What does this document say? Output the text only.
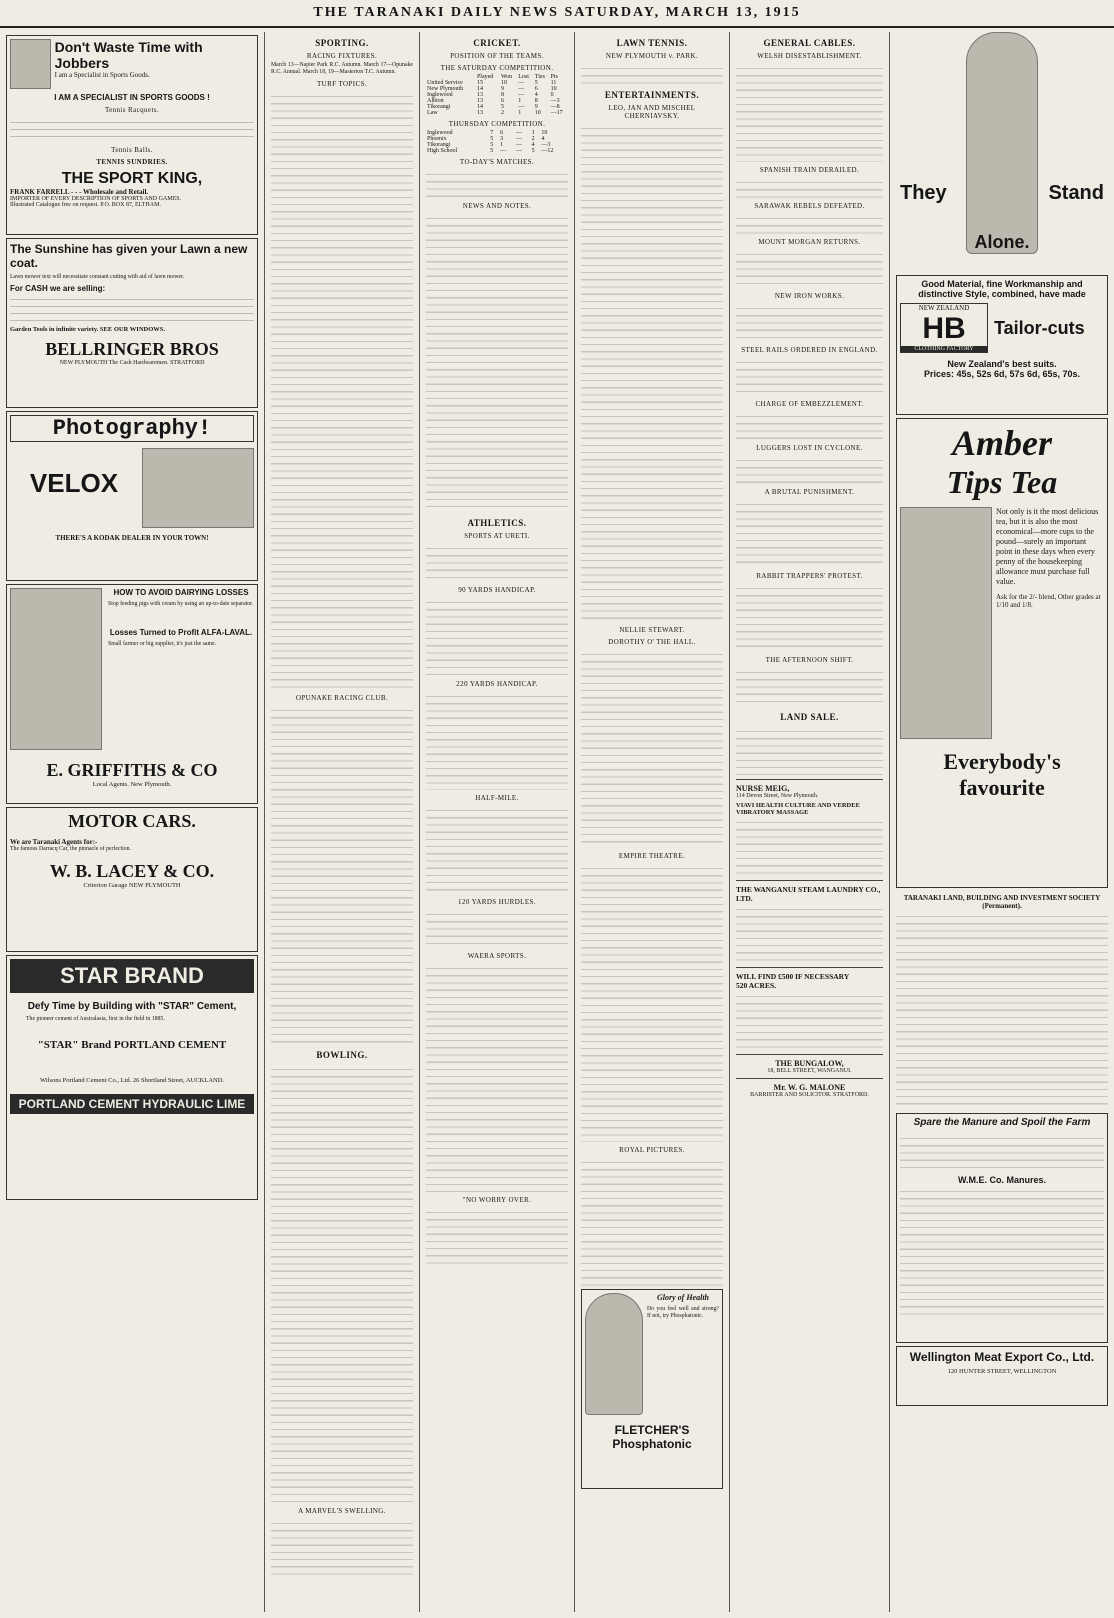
THE TARANAKI DAILY NEWS SATURDAY, MARCH 13, 1915
Don't Waste Time with Jobbers
I am a Specialist in Sports Goods.
I AM A SPECIALIST IN SPORTS GOODS !
Tennis Racquets.
Tennis Balls.
TENNIS SUNDRIES.
THE SPORT KING,
FRANK FARRELL - - - Wholesale and Retail.
IMPORTER OF EVERY DESCRIPTION OF SPORTS AND GAMES.
Illustrated Catalogue free on request. P.O. BOX 87, ELTHAM.
The Sunshine has given your Lawn a new coat.

Lawn mower text will necessitate constant cutting with aid of lawn mower.

For CASH we are selling:
Garden Tools in infinite variety. SEE OUR WINDOWS.
BELLRINGER BROS
NEW PLYMOUTH The Cash Hardwaremen. STRATFORD
Photography!
VELOX
THERE'S A KODAK DEALER IN YOUR TOWN!
HOW TO AVOID DAIRYING LOSSES

Stop feeding pigs with cream by using an up-to-date separator.

Losses Turned to Profit ALFA-LAVAL.

Small farmer or big supplier, it's just the same.

E. GRIFFITHS & CO
Local Agents. New Plymouth.
MOTOR CARS.
We are Taranaki Agents for:-

The famous Darracq Car, the pinnacle of perfection.

W. B. LACEY & CO.
Criterion Garage NEW PLYMOUTH
STAR BRAND
Defy Time by Building with "STAR" Cement,

The pioneer cement of Australasia, first in the field in 1885.

"STAR" Brand PORTLAND CEMENT
Wilsons Portland Cement Co., Ltd. 26 Shortland Street, AUCKLAND.
PORTLAND CEMENT HYDRAULIC LIME
SPORTING.
RACING FIXTURES.

March 13—Napier Park R.C. Autumn. March 17—Opunake R.C. Annual. March 18, 19—Masterton T.C. Autumn.

TURF TOPICS.

OPUNAKE RACING CLUB.

BOWLING.

A MARVEL'S SWELLING.

CRICKET.
POSITION OF THE TEAMS.
THE SATURDAY COMPETITION.
	Played	Won	Lost	Ties	Pts
United Service	15	10	—	5	11
New Plymouth	14	9	—	6	10
Inglewood	13	8	—	4	0
Albion	13	6	1	8	—3
Tikorangi	14	5	—	9	—8
Law	13	2	1	10	—17
THURSDAY COMPETITION.
Inglewood	7	6	—	1	10
Phoenix	5	3	—	2	4
Tikorangi	5	1	—	4	—3
High School	5	—	—	5	—12
TO-DAY'S MATCHES.

NEWS AND NOTES.

ATHLETICS.
SPORTS AT URETI.

90 YARDS HANDICAP.

220 YARDS HANDICAP.

HALF-MILE.

120 YARDS HURDLES.

WAERA SPORTS.

"NO WORRY OVER.

LAWN TENNIS.
NEW PLYMOUTH v. PARK.

ENTERTAINMENTS.
LEO, JAN AND MISCHEL CHERNIAVSKY.

NELLIE STEWART.
DOROTHY O' THE HALL.

EMPIRE THEATRE.

ROYAL PICTURES.

Glory of Health

Do you feel well and strong? If not, try Phosphatonic.

FLETCHER'S Phosphatonic
GENERAL CABLES.
WELSH DISESTABLISHMENT.

SPANISH TRAIN DERAILED.

SARAWAK REBELS DEFEATED.

MOUNT MORGAN RETURNS.

NEW IRON WORKS.

STEEL RAILS ORDERED IN ENGLAND.

CHARGE OF EMBEZZLEMENT.

LUGGERS LOST IN CYCLONE.

A BRUTAL PUNISHMENT.

RABBIT TRAPPERS' PROTEST.

THE AFTERNOON SHIFT.

LAND SALE.

NURSE MEIG,
114 Devon Street, New Plymouth.
VIAVI HEALTH CULTURE AND VERDEE VIBRATORY MASSAGE

THE WANGANUI STEAM LAUNDRY CO., LTD.

WILL FIND £500 IF NECESSARY
520 ACRES.

THE BUNGALOW,
18, BELL STREET, WANGANUI.
Mr. W. G. MALONE
BARRISTER AND SOLICITOR. STRATFORD.
They	Stand
Alone.
Good Material, fine Workmanship and distinctive Style, combined, have made
NEW ZEALAND
HB
CLOTHING FACTORY
Tailor-cuts
New Zealand's best suits.
Prices: 45s, 52s 6d, 57s 6d, 65s, 70s.
Amber
Tips Tea
Not only is it the most delicious tea, but it is also the most economical—more cups to the pound—surely an important point in these days when every penny of the housekeeping allowance must purchase full value.
Ask for the 2/- blend, Other grades at 1/10 and 1/8.
Everybody's favourite
TARANAKI LAND, BUILDING AND INVESTMENT SOCIETY (Permanent).

Spare the Manure and Spoil the Farm

W.M.E. Co. Manures.

Wellington Meat Export Co., Ltd.
120 HUNTER STREET, WELLINGTON
